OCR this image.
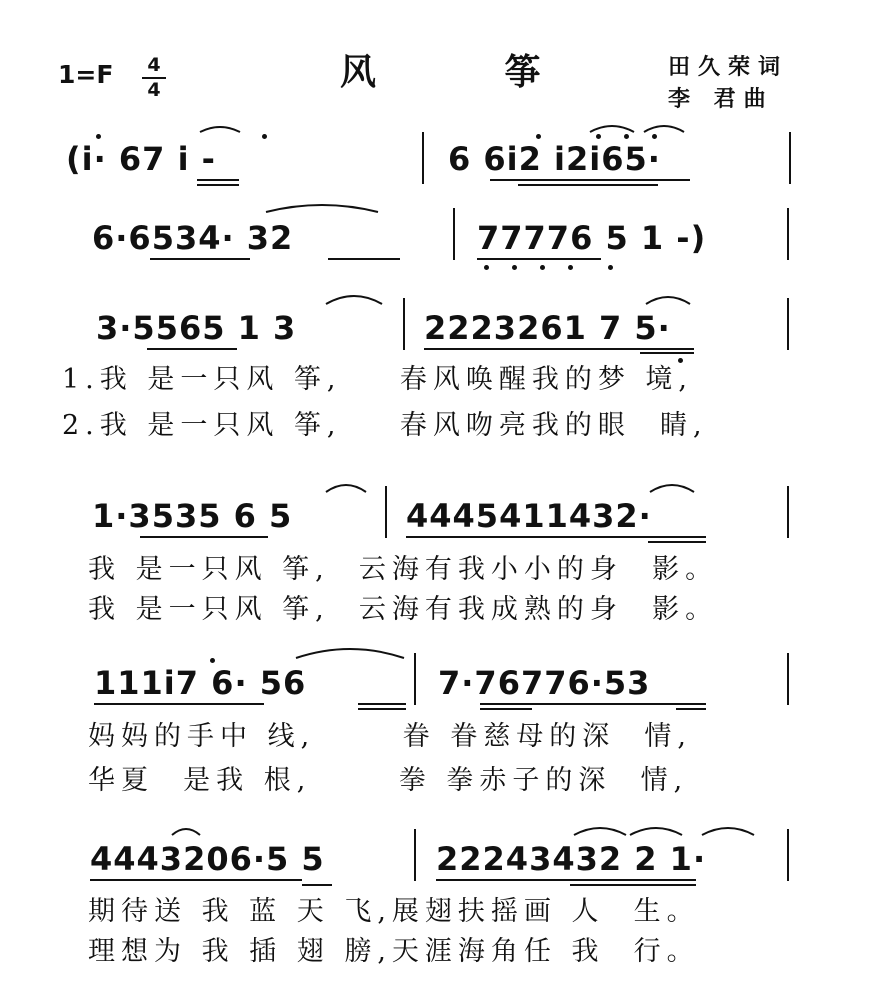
$1=F \frac{4}{4}$	风 筝	田久荣词
李 君曲
(i· 67 i -	6 6i2 i2i65·
6·6534· 32	77776 5 1 -)
3·5565 1 3	2223261 7 5·
1.我 是一只风 筝,    春风唤醒我的梦 境,
2.我 是一只风 筝,    春风吻亮我的眼  睛,
1·3535 6 5	4445411432·
我 是一只风 筝,  云海有我小小的身  影。
我 是一只风 筝,  云海有我成熟的身  影。
111i7 6· 56	7·76776·53
妈妈的手中 线,      眷 眷慈母的深  情,
华夏  是我 根,      拳 拳赤子的深  情,
4443206·5 5	22243432 2 1·
期待送 我 蓝 天 飞,展翅扶摇画 人  生。
理想为 我 插 翅 膀,天涯海角任 我  行。
